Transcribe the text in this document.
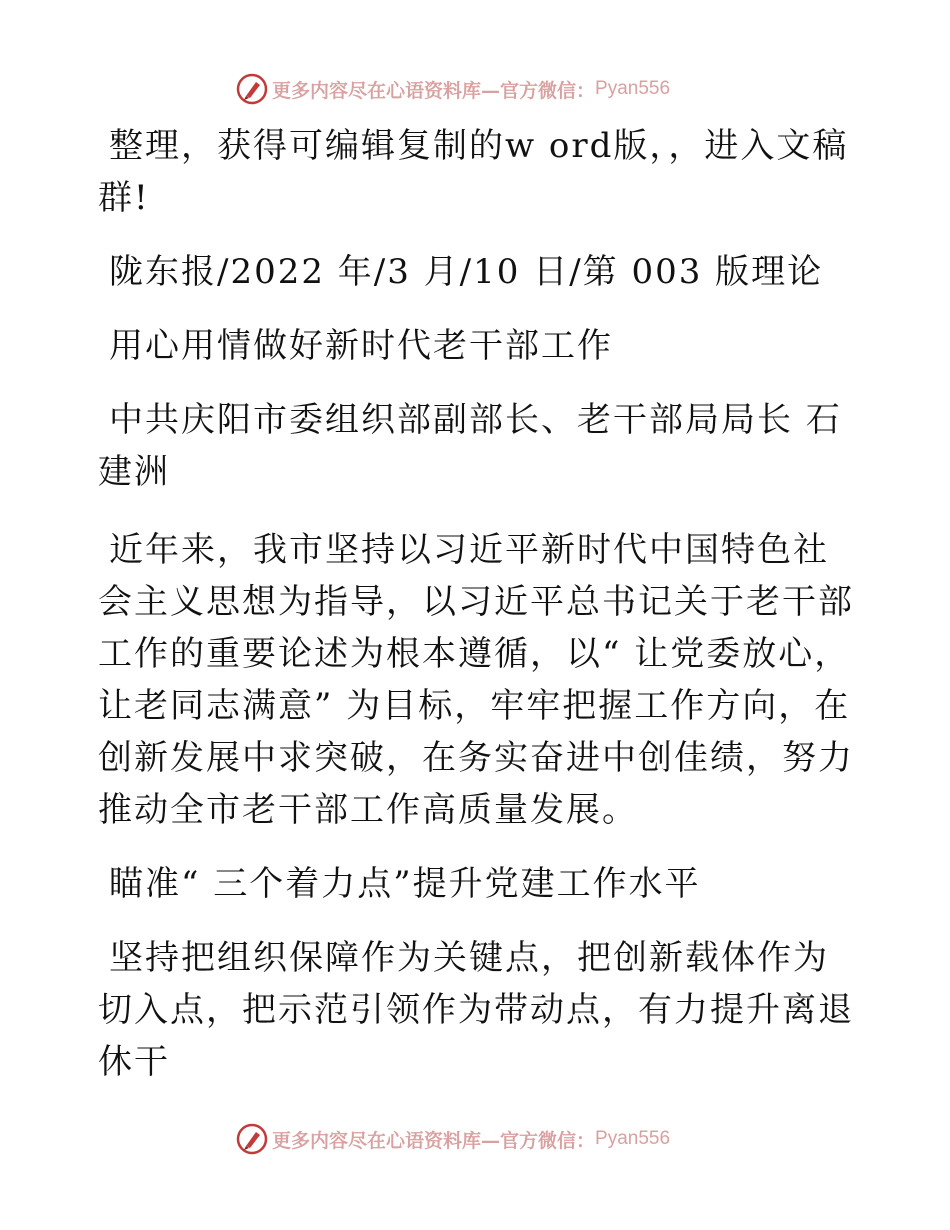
更多内容尽在心语资料库—官方微信： Pyan556

整理，获得可编辑复制的w ord版，，进入文稿群!

陇东报/2022 年/3 月/10 日/第 003 版理论

用心用情做好新时代老干部工作

中共庆阳市委组织部副部长、老干部局局长 石建洲

近年来，我市坚持以习近平新时代中国特色社会主义思想为指导，以习近平总书记关于老干部工作的重要论述为根本遵循，以“ 让党委放心，让老同志满意” 为目标，牢牢把握工作方向，在创新发展中求突破，在务实奋进中创佳绩，努力推动全市老干部工作高质量发展。

瞄准“ 三个着力点”提升党建工作水平

坚持把组织保障作为关键点，把创新载体作为切入点，把示范引领作为带动点，有力提升离退休干

更多内容尽在心语资料库—官方微信： Pyan556
